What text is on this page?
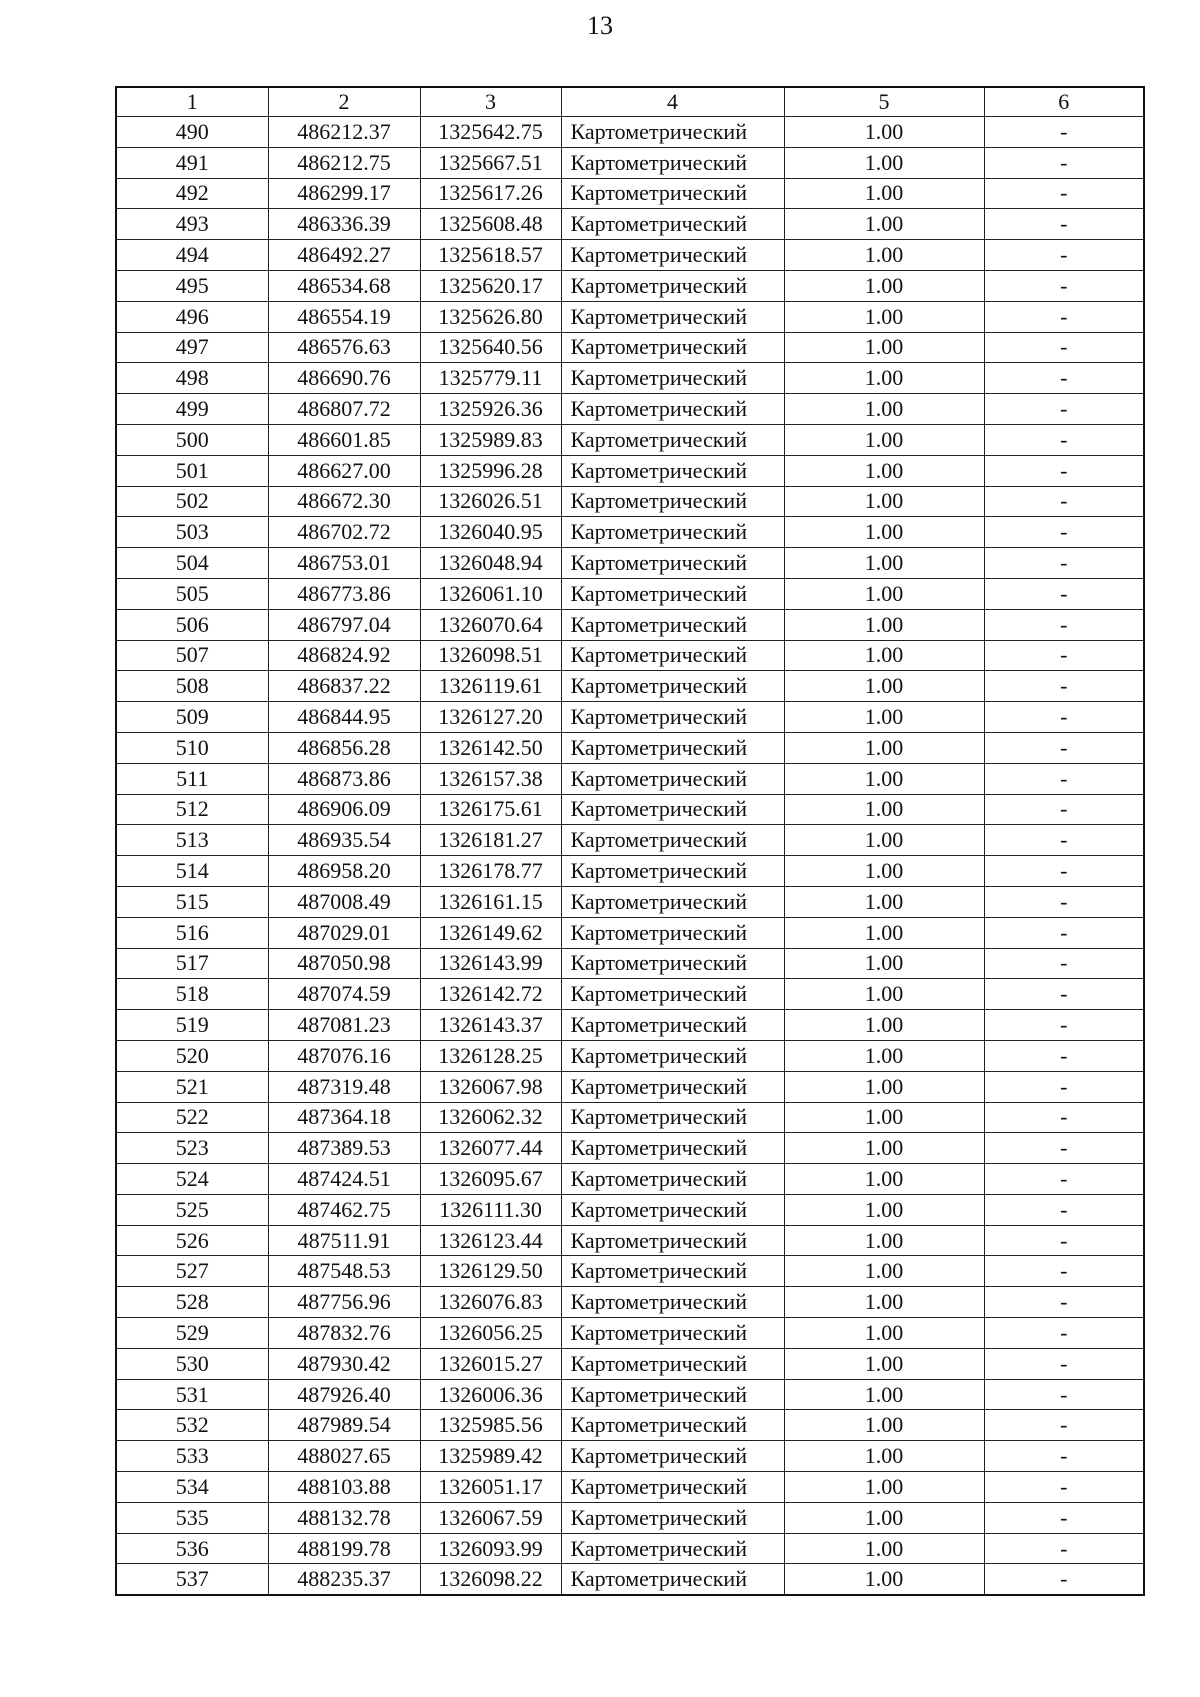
13
1	2	3	4	5	6
490	486212.37	1325642.75	Картометрический	1.00	-
491	486212.75	1325667.51	Картометрический	1.00	-
492	486299.17	1325617.26	Картометрический	1.00	-
493	486336.39	1325608.48	Картометрический	1.00	-
494	486492.27	1325618.57	Картометрический	1.00	-
495	486534.68	1325620.17	Картометрический	1.00	-
496	486554.19	1325626.80	Картометрический	1.00	-
497	486576.63	1325640.56	Картометрический	1.00	-
498	486690.76	1325779.11	Картометрический	1.00	-
499	486807.72	1325926.36	Картометрический	1.00	-
500	486601.85	1325989.83	Картометрический	1.00	-
501	486627.00	1325996.28	Картометрический	1.00	-
502	486672.30	1326026.51	Картометрический	1.00	-
503	486702.72	1326040.95	Картометрический	1.00	-
504	486753.01	1326048.94	Картометрический	1.00	-
505	486773.86	1326061.10	Картометрический	1.00	-
506	486797.04	1326070.64	Картометрический	1.00	-
507	486824.92	1326098.51	Картометрический	1.00	-
508	486837.22	1326119.61	Картометрический	1.00	-
509	486844.95	1326127.20	Картометрический	1.00	-
510	486856.28	1326142.50	Картометрический	1.00	-
511	486873.86	1326157.38	Картометрический	1.00	-
512	486906.09	1326175.61	Картометрический	1.00	-
513	486935.54	1326181.27	Картометрический	1.00	-
514	486958.20	1326178.77	Картометрический	1.00	-
515	487008.49	1326161.15	Картометрический	1.00	-
516	487029.01	1326149.62	Картометрический	1.00	-
517	487050.98	1326143.99	Картометрический	1.00	-
518	487074.59	1326142.72	Картометрический	1.00	-
519	487081.23	1326143.37	Картометрический	1.00	-
520	487076.16	1326128.25	Картометрический	1.00	-
521	487319.48	1326067.98	Картометрический	1.00	-
522	487364.18	1326062.32	Картометрический	1.00	-
523	487389.53	1326077.44	Картометрический	1.00	-
524	487424.51	1326095.67	Картометрический	1.00	-
525	487462.75	1326111.30	Картометрический	1.00	-
526	487511.91	1326123.44	Картометрический	1.00	-
527	487548.53	1326129.50	Картометрический	1.00	-
528	487756.96	1326076.83	Картометрический	1.00	-
529	487832.76	1326056.25	Картометрический	1.00	-
530	487930.42	1326015.27	Картометрический	1.00	-
531	487926.40	1326006.36	Картометрический	1.00	-
532	487989.54	1325985.56	Картометрический	1.00	-
533	488027.65	1325989.42	Картометрический	1.00	-
534	488103.88	1326051.17	Картометрический	1.00	-
535	488132.78	1326067.59	Картометрический	1.00	-
536	488199.78	1326093.99	Картометрический	1.00	-
537	488235.37	1326098.22	Картометрический	1.00	-
